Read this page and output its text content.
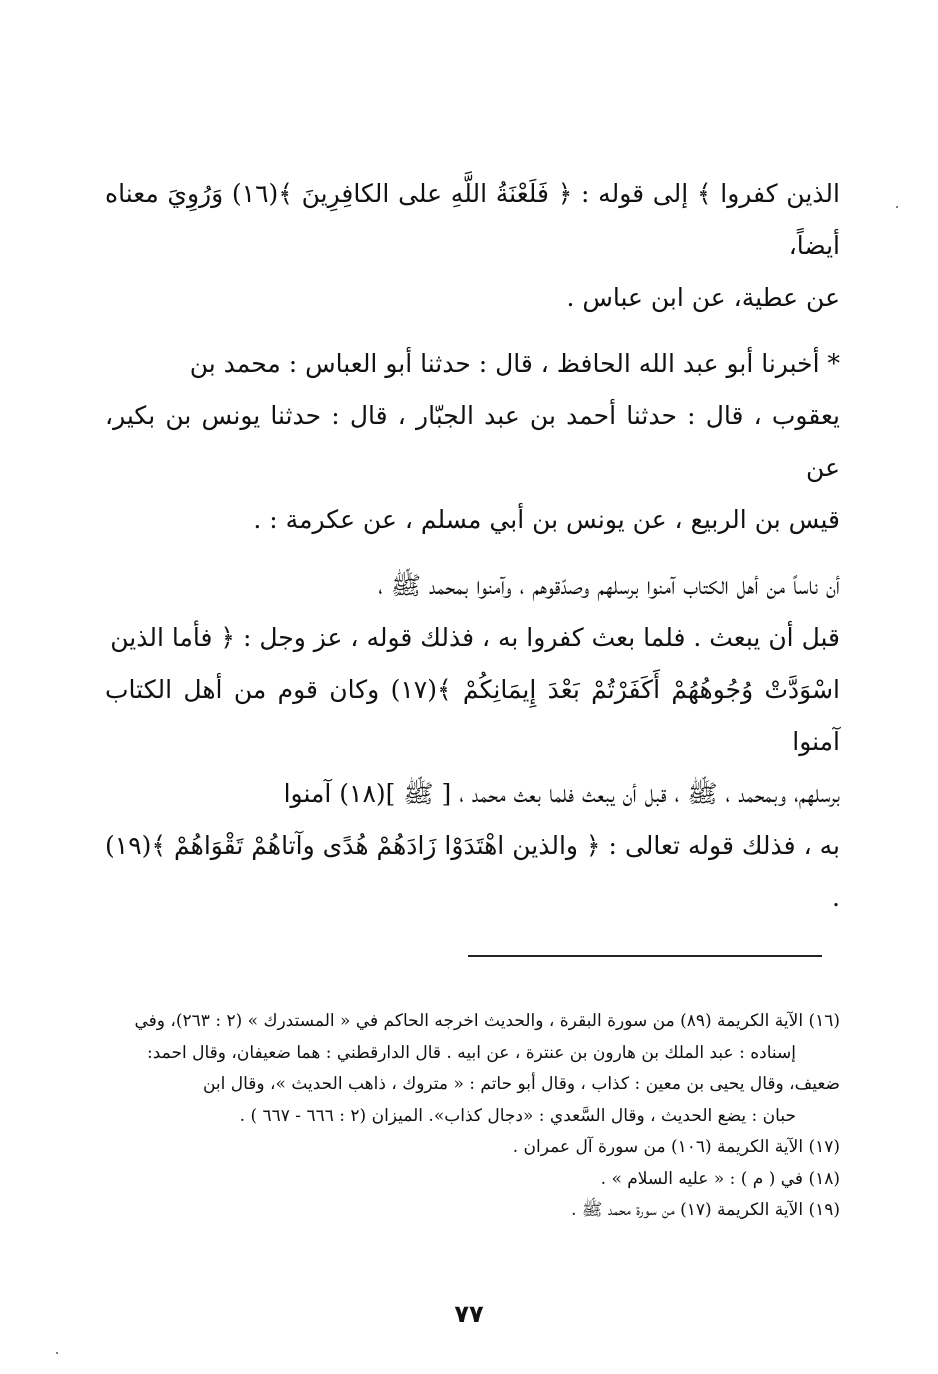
الذين كفروا ﴾ إلى قوله : ﴿ فَلَعْنَةُ اللَّهِ على الكافِرِينَ ﴾(١٦) وَرُوِيَ معناه أيضاً،
عن عطية، عن ابن عباس .

* أخبرنا أبو عبد الله الحافظ ، قال : حدثنا أبو العباس : محمد بن
يعقوب ، قال : حدثنا أحمد بن عبد الجبّار ، قال : حدثنا يونس بن بكير، عن
قيس بن الربيع ، عن يونس بن أبي مسلم ، عن عكرمة : .

أن ناساً من أهل الكتاب آمنوا برسلهم وصدّقوهم ، وآمنوا بمحمد ﷺ ،
قبل أن يبعث . فلما بعث كفروا به ، فذلك قوله ، عز وجل : ﴿ فأما الذين
اسْوَدَّتْ وُجُوهُهُمْ أَكَفَرْتُمْ بَعْدَ إِيمَانِكُمْ ﴾(١٧) وكان قوم من أهل الكتاب آمنوا
برسلهم، وبمحمد ، ﷺ ، قبل أن يبعث فلما بعث محمد ، [ ﷺ ](١٨) آمنوا
به ، فذلك قوله تعالى : ﴿ والذين اهْتَدَوْا زَادَهُمْ هُدًى وآتاهُمْ تَقْوَاهُمْ ﴾(١٩) .

(١٦) الآية الكريمة (٨٩) من سورة البقرة ، والحديث اخرجه الحاكم في « المستدرك » (٢ : ٢٦٣)، وفي
إسناده : عبد الملك بن هارون بن عنترة ، عن ابيه . قال الدارقطني : هما ضعيفان، وقال احمد:
ضعيف، وقال يحيى بن معين : كذاب ، وقال أبو حاتم : « متروك ، ذاهب الحديث »، وقال ابن
حبان : يضع الحديث ، وقال السَّعدي : «دجال كذاب». الميزان (٢ : ٦٦٦ - ٦٦٧ ) .

(١٧) الآية الكريمة (١٠٦) من سورة آل عمران .

(١٨) في ( م ) : « عليه السلام » .

(١٩) الآية الكريمة (١٧) من سورة محمد ﷺ .

٧٧
